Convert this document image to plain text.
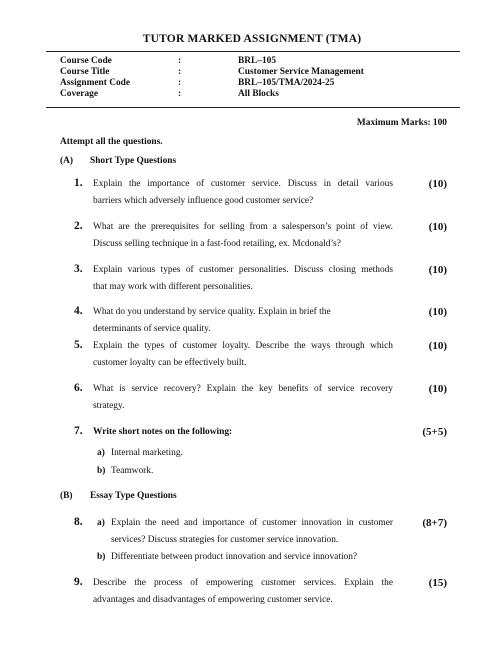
TUTOR MARKED ASSIGNMENT (TMA)
Course Code	:	BRL–105
Course Title	:	Customer Service Management
Assignment Code	:	BRL–105/TMA/2024-25
Coverage	:	All Blocks
Maximum Marks: 100
Attempt all the questions.
(A) Short Type Questions
1. Explain the importance of customer service. Discuss in detail various
barriers which adversely influence good customer service?
(10)
2. What are the prerequisites for selling from a salesperson’s point of view.
Discuss selling technique in a fast-food retailing, ex. Mcdonald’s?
(10)
3. Explain various types of customer personalities. Discuss closing methods
that may work with different personalities.
(10)
4. What do you understand by service quality. Explain in brief the
determinants of service quality.
(10)
5. Explain the types of customer loyalty. Describe the ways through which
customer loyalty can be effectively built.
(10)
6. What is service recovery? Explain the key benefits of service recovery
strategy.
(10)
7. Write short notes on the following:	(5+5)
a) Internal marketing.
b) Teamwork.
(B) Essay Type Questions
8. a) Explain the need and importance of customer innovation in customer
services? Discuss strategies for customer service innovation.
b) Differentiate between product innovation and service innovation?
(8+7)
9. Describe the process of empowering customer services. Explain the
advantages and disadvantages of empowering customer service.
(15)
